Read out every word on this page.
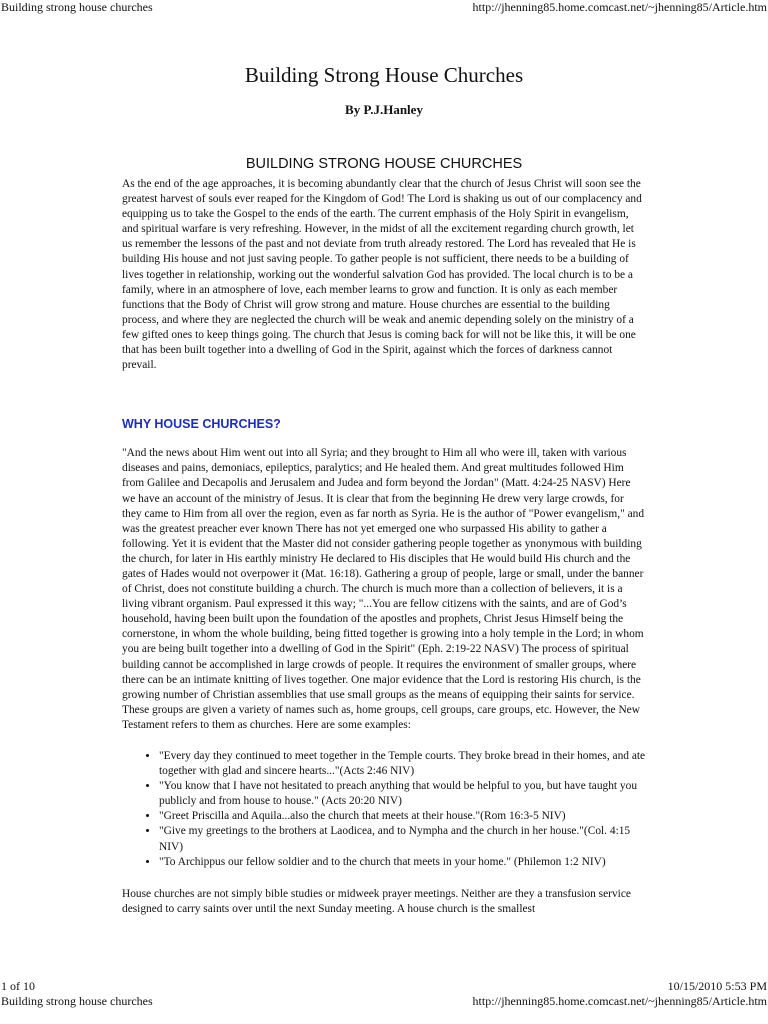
Building strong house churches	http://jhenning85.home.comcast.net/~jhenning85/Article.htm
Building Strong House Churches
By P.J.Hanley
BUILDING STRONG HOUSE CHURCHES

As the end of the age approaches, it is becoming abundantly clear that the church of Jesus Christ will soon see the greatest harvest of souls ever reaped for the Kingdom of God! The Lord is shaking us out of our complacency and equipping us to take the Gospel to the ends of the earth. The current emphasis of the Holy Spirit in evangelism, and spiritual warfare is very refreshing. However, in the midst of all the excitement regarding church growth, let us remember the lessons of the past and not deviate from truth already restored. The Lord has revealed that He is building His house and not just saving people. To gather people is not sufficient, there needs to be a building of lives together in relationship, working out the wonderful salvation God has provided. The local church is to be a family, where in an atmosphere of love, each member learns to grow and function. It is only as each member functions that the Body of Christ will grow strong and mature. House churches are essential to the building process, and where they are neglected the church will be weak and anemic depending solely on the ministry of a few gifted ones to keep things going. The church that Jesus is coming back for will not be like this, it will be one that has been built together into a dwelling of God in the Spirit, against which the forces of darkness cannot prevail.

WHY HOUSE CHURCHES?

"And the news about Him went out into all Syria; and they brought to Him all who were ill, taken with various diseases and pains, demoniacs, epileptics, paralytics; and He healed them. And great multitudes followed Him from Galilee and Decapolis and Jerusalem and Judea and form beyond the Jordan" (Matt. 4:24-25 NASV) Here we have an account of the ministry of Jesus. It is clear that from the beginning He drew very large crowds, for they came to Him from all over the region, even as far north as Syria. He is the author of "Power evangelism," and was the greatest preacher ever known There has not yet emerged one who surpassed His ability to gather a following. Yet it is evident that the Master did not consider gathering people together as ynonymous with building the church, for later in His earthly ministry He declared to His disciples that He would build His church and the gates of Hades would not overpower it (Mat. 16:18). Gathering a group of people, large or small, under the banner of Christ, does not constitute building a church. The church is much more than a collection of believers, it is a living vibrant organism. Paul expressed it this way; "...You are fellow citizens with the saints, and are of God’s household, having been built upon the foundation of the apostles and prophets, Christ Jesus Himself being the cornerstone, in whom the whole building, being fitted together is growing into a holy temple in the Lord; in whom you are being built together into a dwelling of God in the Spirit" (Eph. 2:19-22 NASV) The process of spiritual building cannot be accomplished in large crowds of people. It requires the environment of smaller groups, where there can be an intimate knitting of lives together. One major evidence that the Lord is restoring His church, is the growing number of Christian assemblies that use small groups as the means of equipping their saints for service. These groups are given a variety of names such as, home groups, cell groups, care groups, etc. However, the New Testament refers to them as churches. Here are some examples:

• "Every day they continued to meet together in the Temple courts. They broke bread in their homes, and ate together with glad and sincere hearts..."(Acts 2:46 NIV)
• "You know that I have not hesitated to preach anything that would be helpful to you, but have taught you publicly and from house to house." (Acts 20:20 NIV)
• "Greet Priscilla and Aquila...also the church that meets at their house."(Rom 16:3-5 NIV)
• "Give my greetings to the brothers at Laodicea, and to Nympha and the church in her house."(Col. 4:15 NIV)
• "To Archippus our fellow soldier and to the church that meets in your home." (Philemon 1:2 NIV)

House churches are not simply bible studies or midweek prayer meetings. Neither are they a transfusion service designed to carry saints over until the next Sunday meeting. A house church is the smallest

1 of 10	10/15/2010 5:53 PM
Building strong house churches	http://jhenning85.home.comcast.net/~jhenning85/Article.htm
